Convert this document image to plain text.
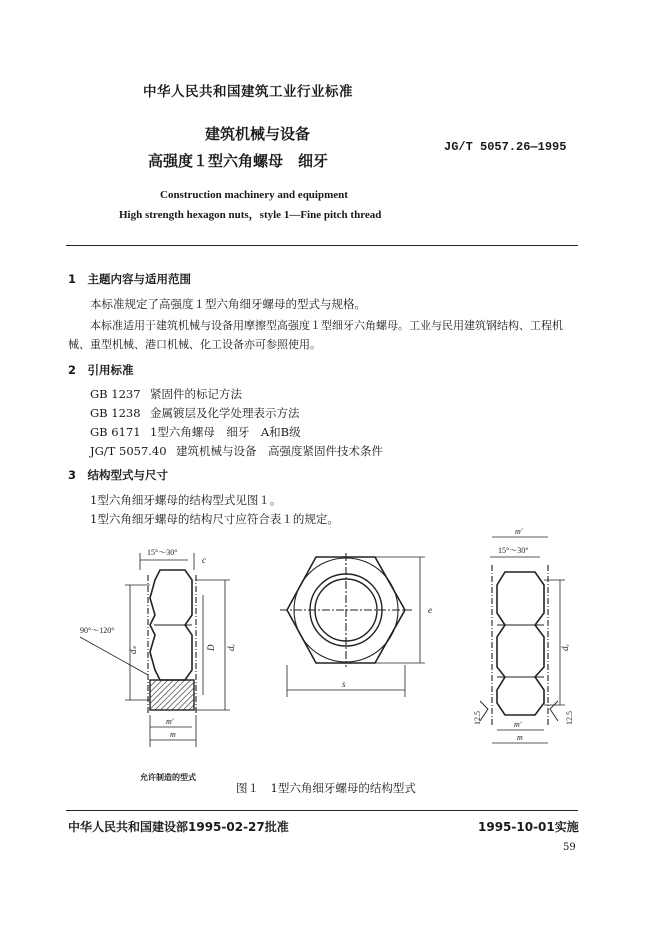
中华人民共和国建筑工业行业标准
建筑机械与设备
高强度１型六角螺母　细牙
JG/T 5057.26—1995
Construction machinery and equipment
High strength hexagon nuts，style 1—Fine pitch thread
1　主题内容与适用范围
本标准规定了高强度１型六角细牙螺母的型式与规格。
本标准适用于建筑机械与设备用摩擦型高强度１型细牙六角螺母。工业与民用建筑钢结构、工程机
械、重型机械、港口机械、化工设备亦可参照使用。
2　引用标准
GB 1237 紧固件的标记方法
GB 1238 金属镀层及化学处理表示方法
GB 6171 1型六角螺母　细牙　A和B级
JG/T 5057.40 建筑机械与设备　高强度紧固件技术条件
3　结构型式与尺寸
1型六角细牙螺母的结构型式见图１。
1型六角细牙螺母的结构尺寸应符合表１的规定。
15°～30°
c
90°～120°
dₛ	D dᵥ
m′
m
s
e
m′
15°～30°
dᵥ
12.5	12.5
m′
m
允许制造的型式
图１　1型六角细牙螺母的结构型式
中华人民共和国建设部1995-02-27批准	1995-10-01实施
59
